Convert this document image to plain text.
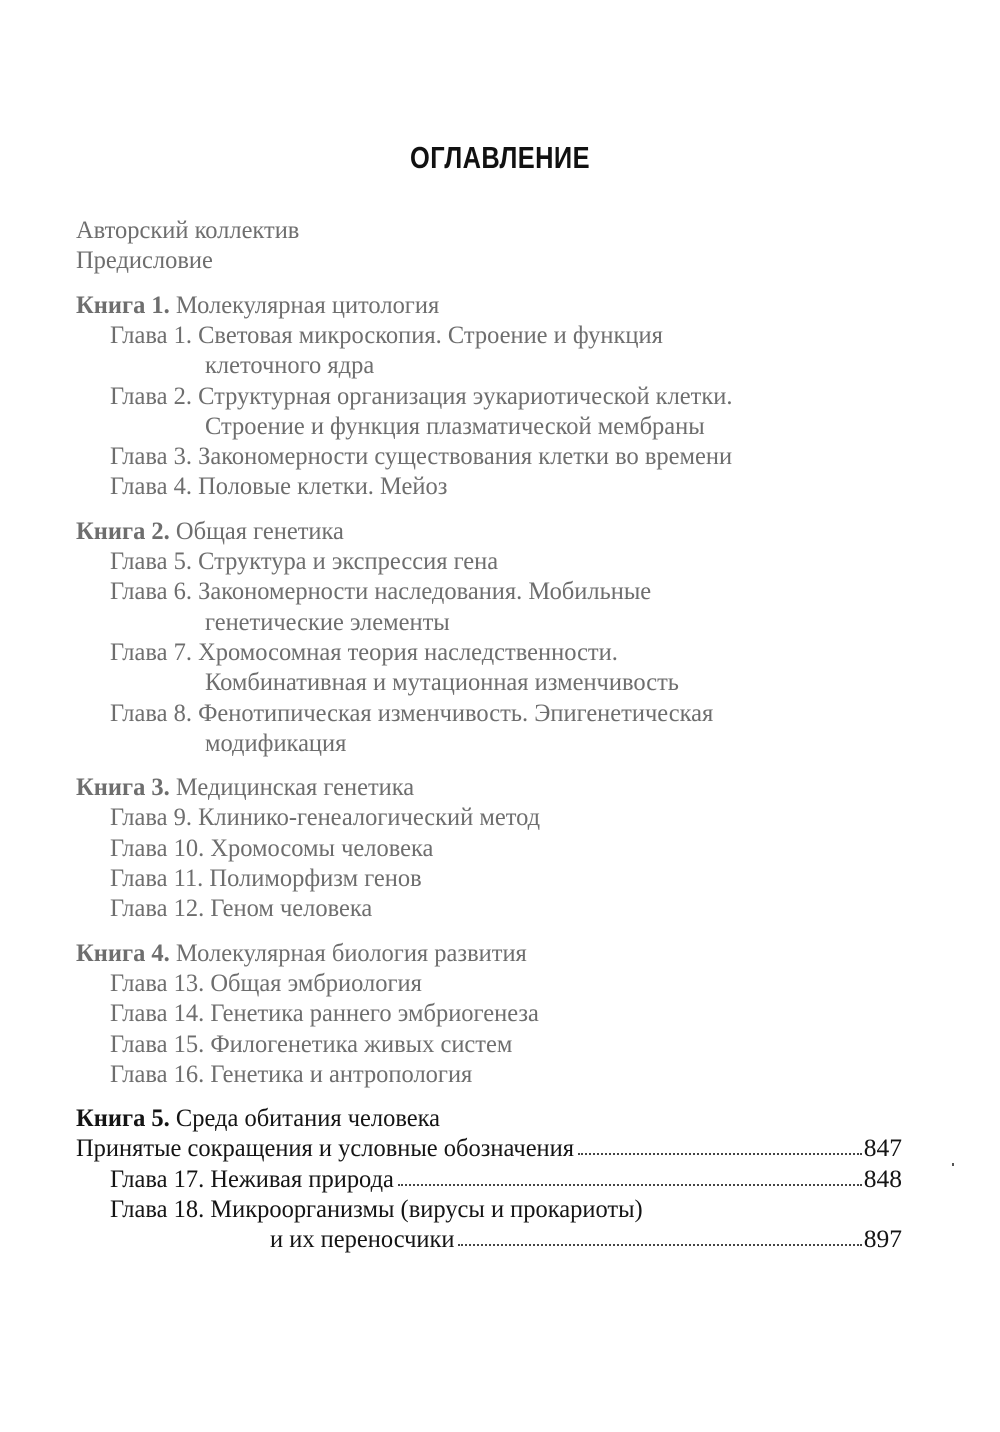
ОГЛАВЛЕНИЕ
Авторский коллектив
Предисловие
Книга 1. Молекулярная цитология
Глава 1. Световая микроскопия. Строение и функция
клеточного ядра
Глава 2. Структурная организация эукариотической клетки.
Строение и функция плазматической мембраны
Глава 3. Закономерности существования клетки во времени
Глава 4. Половые клетки. Мейоз
Книга 2. Общая генетика
Глава 5. Структура и экспрессия гена
Глава 6. Закономерности наследования. Мобильные
генетические элементы
Глава 7. Хромосомная теория наследственности.
Комбинативная и мутационная изменчивость
Глава 8. Фенотипическая изменчивость. Эпигенетическая
модификация
Книга 3. Медицинская генетика
Глава 9. Клинико-генеалогический метод
Глава 10. Хромосомы человека
Глава 11. Полиморфизм генов
Глава 12. Геном человека
Книга 4. Молекулярная биология развития
Глава 13. Общая эмбриология
Глава 14. Генетика раннего эмбриогенеза
Глава 15. Филогенетика живых систем
Глава 16. Генетика и антропология
Книга 5. Среда обитания человека
Принятые сокращения и условные обозначения
Глава 17. Неживая природа
Глава 18. Микроорганизмы (вирусы и прокариоты)
и их переносчики
847
848
897
